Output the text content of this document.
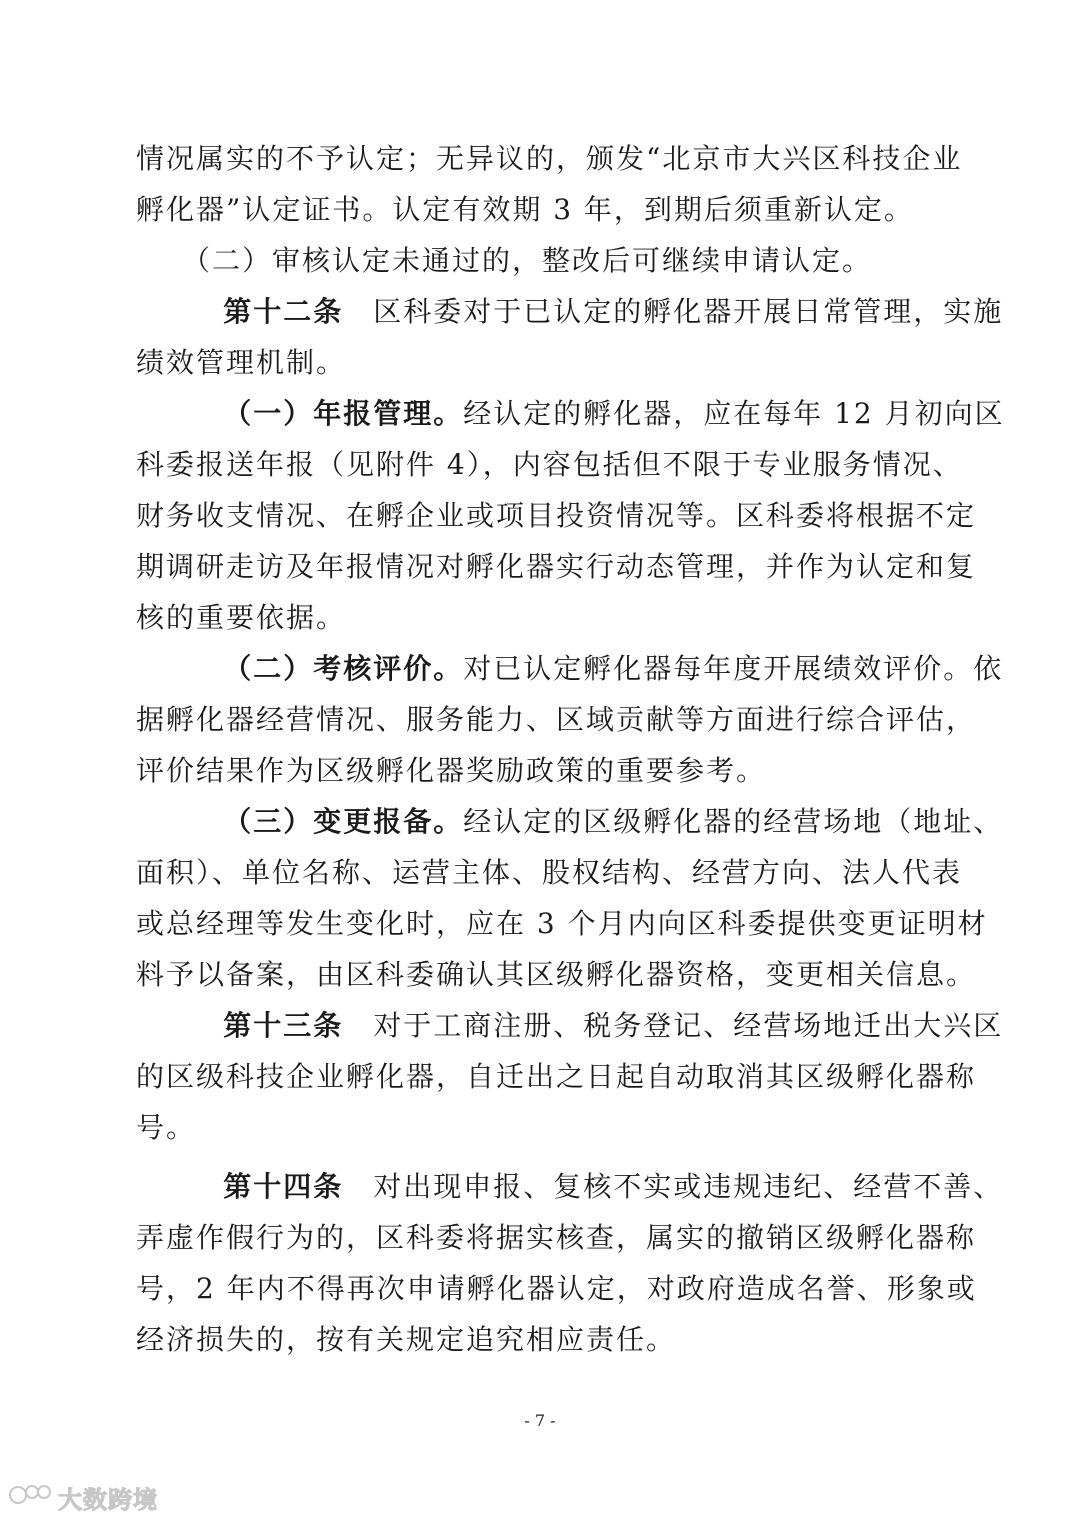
情况属实的不予认定；无异议的，颁发“北京市大兴区科技企业
孵化器”认定证书。认定有效期 3 年，到期后须重新认定。
　　（二）审核认定未通过的，整改后可继续申请认定。
第十二条　区科委对于已认定的孵化器开展日常管理，实施
绩效管理机制。
（一）年报管理。经认定的孵化器，应在每年 12 月初向区
科委报送年报（见附件 4），内容包括但不限于专业服务情况、
财务收支情况、在孵企业或项目投资情况等。区科委将根据不定
期调研走访及年报情况对孵化器实行动态管理，并作为认定和复
核的重要依据。
（二）考核评价。对已认定孵化器每年度开展绩效评价。依
据孵化器经营情况、服务能力、区域贡献等方面进行综合评估，
评价结果作为区级孵化器奖励政策的重要参考。
（三）变更报备。经认定的区级孵化器的经营场地（地址、
面积）、单位名称、运营主体、股权结构、经营方向、法人代表
或总经理等发生变化时，应在 3 个月内向区科委提供变更证明材
料予以备案，由区科委确认其区级孵化器资格，变更相关信息。
第十三条　对于工商注册、税务登记、经营场地迁出大兴区
的区级科技企业孵化器，自迁出之日起自动取消其区级孵化器称
号。
第十四条　对出现申报、复核不实或违规违纪、经营不善、
弄虚作假行为的，区科委将据实核查，属实的撤销区级孵化器称
号，2 年内不得再次申请孵化器认定，对政府造成名誉、形象或
经济损失的，按有关规定追究相应责任。
- 7 -
大数跨境
